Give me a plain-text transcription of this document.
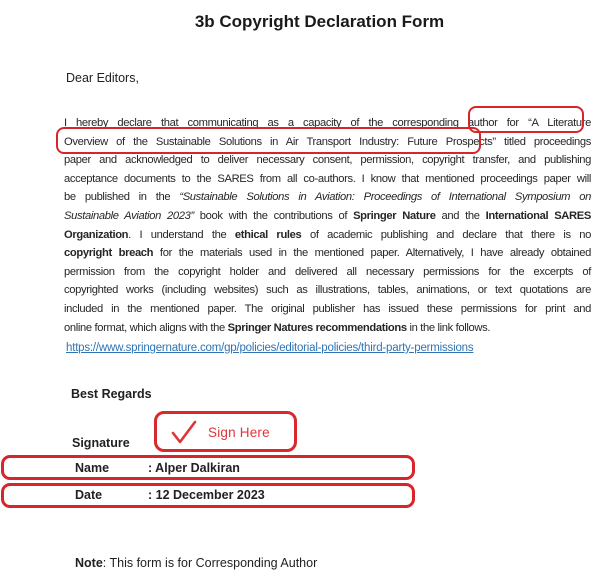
3b Copyright Declaration Form
Dear Editors,
I hereby declare that communicating as a capacity of the corresponding author for “A Literature
Overview of the Sustainable Solutions in Air Transport Industry: Future Prospects” titled proceedings
paper and acknowledged to deliver necessary consent, permission, copyright transfer, and publishing
acceptance documents to the SARES from all co-authors. I know that mentioned proceedings paper will
be published in the “Sustainable Solutions in Aviation: Proceedings of International Symposium on
Sustainable Aviation 2023” book with the contributions of Springer Nature and the International SARES
Organization. I understand the ethical rules of academic publishing and declare that there is no
copyright breach for the materials used in the mentioned paper. Alternatively, I have already obtained
permission from the copyright holder and delivered all necessary permissions for the excerpts of
copyrighted works (including websites) such as illustrations, tables, animations, or text quotations are
included in the mentioned paper. The original publisher has issued these permissions for print and
online format, which aligns with the Springer Natures recommendations in the link follows.
https://www.springernature.com/gp/policies/editorial-policies/third-party-permissions
Best Regards
Signature
Sign Here
Name	: Alper Dalkiran
Date	: 12 December 2023
Note: This form is for Corresponding Author
